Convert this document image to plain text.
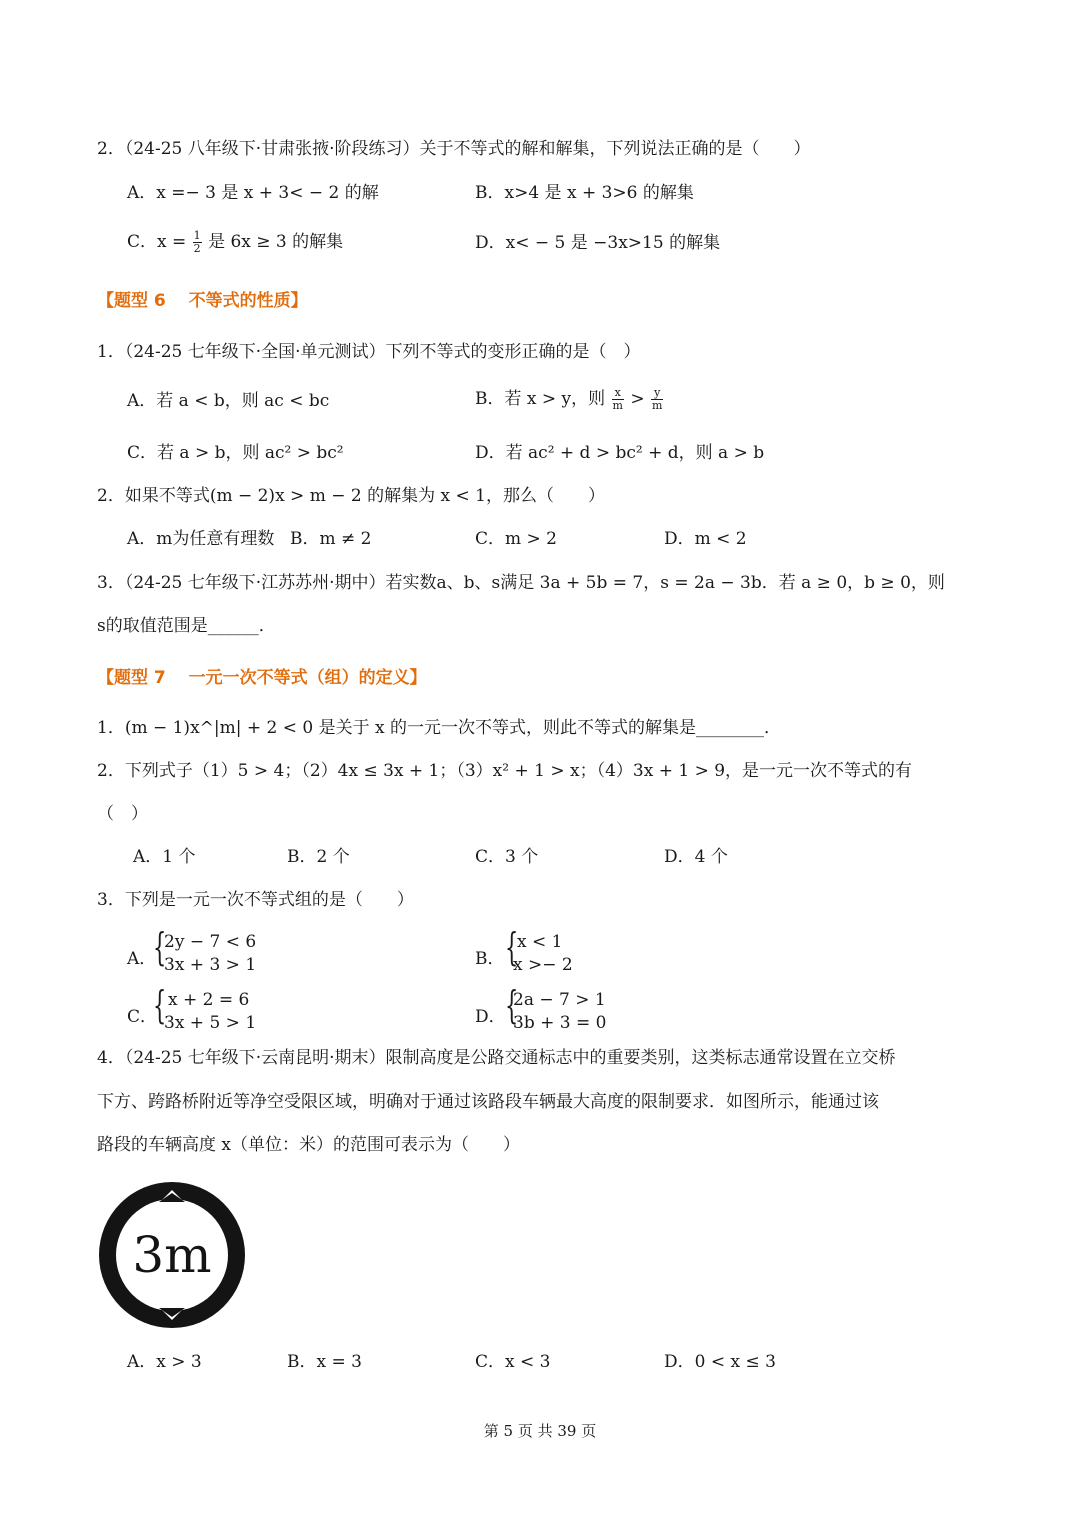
2．（24-25 八年级下·甘肃张掖·阶段练习）关于不等式的解和解集，下列说法正确的是（　　）
A．x =− 3 是 x + 3< − 2 的解	B．x>4 是 x + 3>6 的解集
C．$x = \frac{1}{2}$ 是 6x ≥ 3 的解集	D．x< − 5 是 −3x>15 的解集
【题型 6　 不等式的性质】
1．（24-25 七年级下·全国·单元测试）下列不等式的变形正确的是（　）
A．若 a < b，则 ac < bc	B．若 x > y，则 $\frac{x}{m} > \frac{y}{m}$
C．若 a > b，则 ac² > bc²	D．若 ac² + d > bc² + d，则 a > b
2．如果不等式(m − 2)x > m − 2 的解集为 x < 1，那么（　　）
A．m为任意有理数 B．m ≠ 2	C．m > 2	D．m < 2
3．（24-25 七年级下·江苏苏州·期中）若实数a、b、s满足 3a + 5b = 7，s = 2a − 3b．若 a ≥ 0，b ≥ 0，则
s的取值范围是______．
【题型 7　 一元一次不等式（组）的定义】
1．(m − 1)x^|m| + 2 < 0 是关于 x 的一元一次不等式，则此不等式的解集是________．
2．下列式子（1）5 > 4；（2）4x ≤ 3x + 1；（3）x² + 1 > x；（4）3x + 1 > 9，是一元一次不等式的有
（　）
A．1 个	B．2 个	C．3 个	D．4 个
3．下列是一元一次不等式组的是（　　）
A．
{
2y − 7 < 6
3x + 3 > 1	B． {
x < 1
x >− 2
C．
{ x + 2 = 6
3x + 5 > 1	D． {
2a − 7 > 1
3b + 3 = 0
4．（24-25 七年级下·云南昆明·期末）限制高度是公路交通标志中的重要类别，这类标志通常设置在立交桥
下方、跨路桥附近等净空受限区域，明确对于通过该路段车辆最大高度的限制要求．如图所示，能通过该
路段的车辆高度 x（单位：米）的范围可表示为（　　）
3m
A．x > 3	B．x = 3	C．x < 3	D．0 < x ≤ 3
第 5 页 共 39 页
